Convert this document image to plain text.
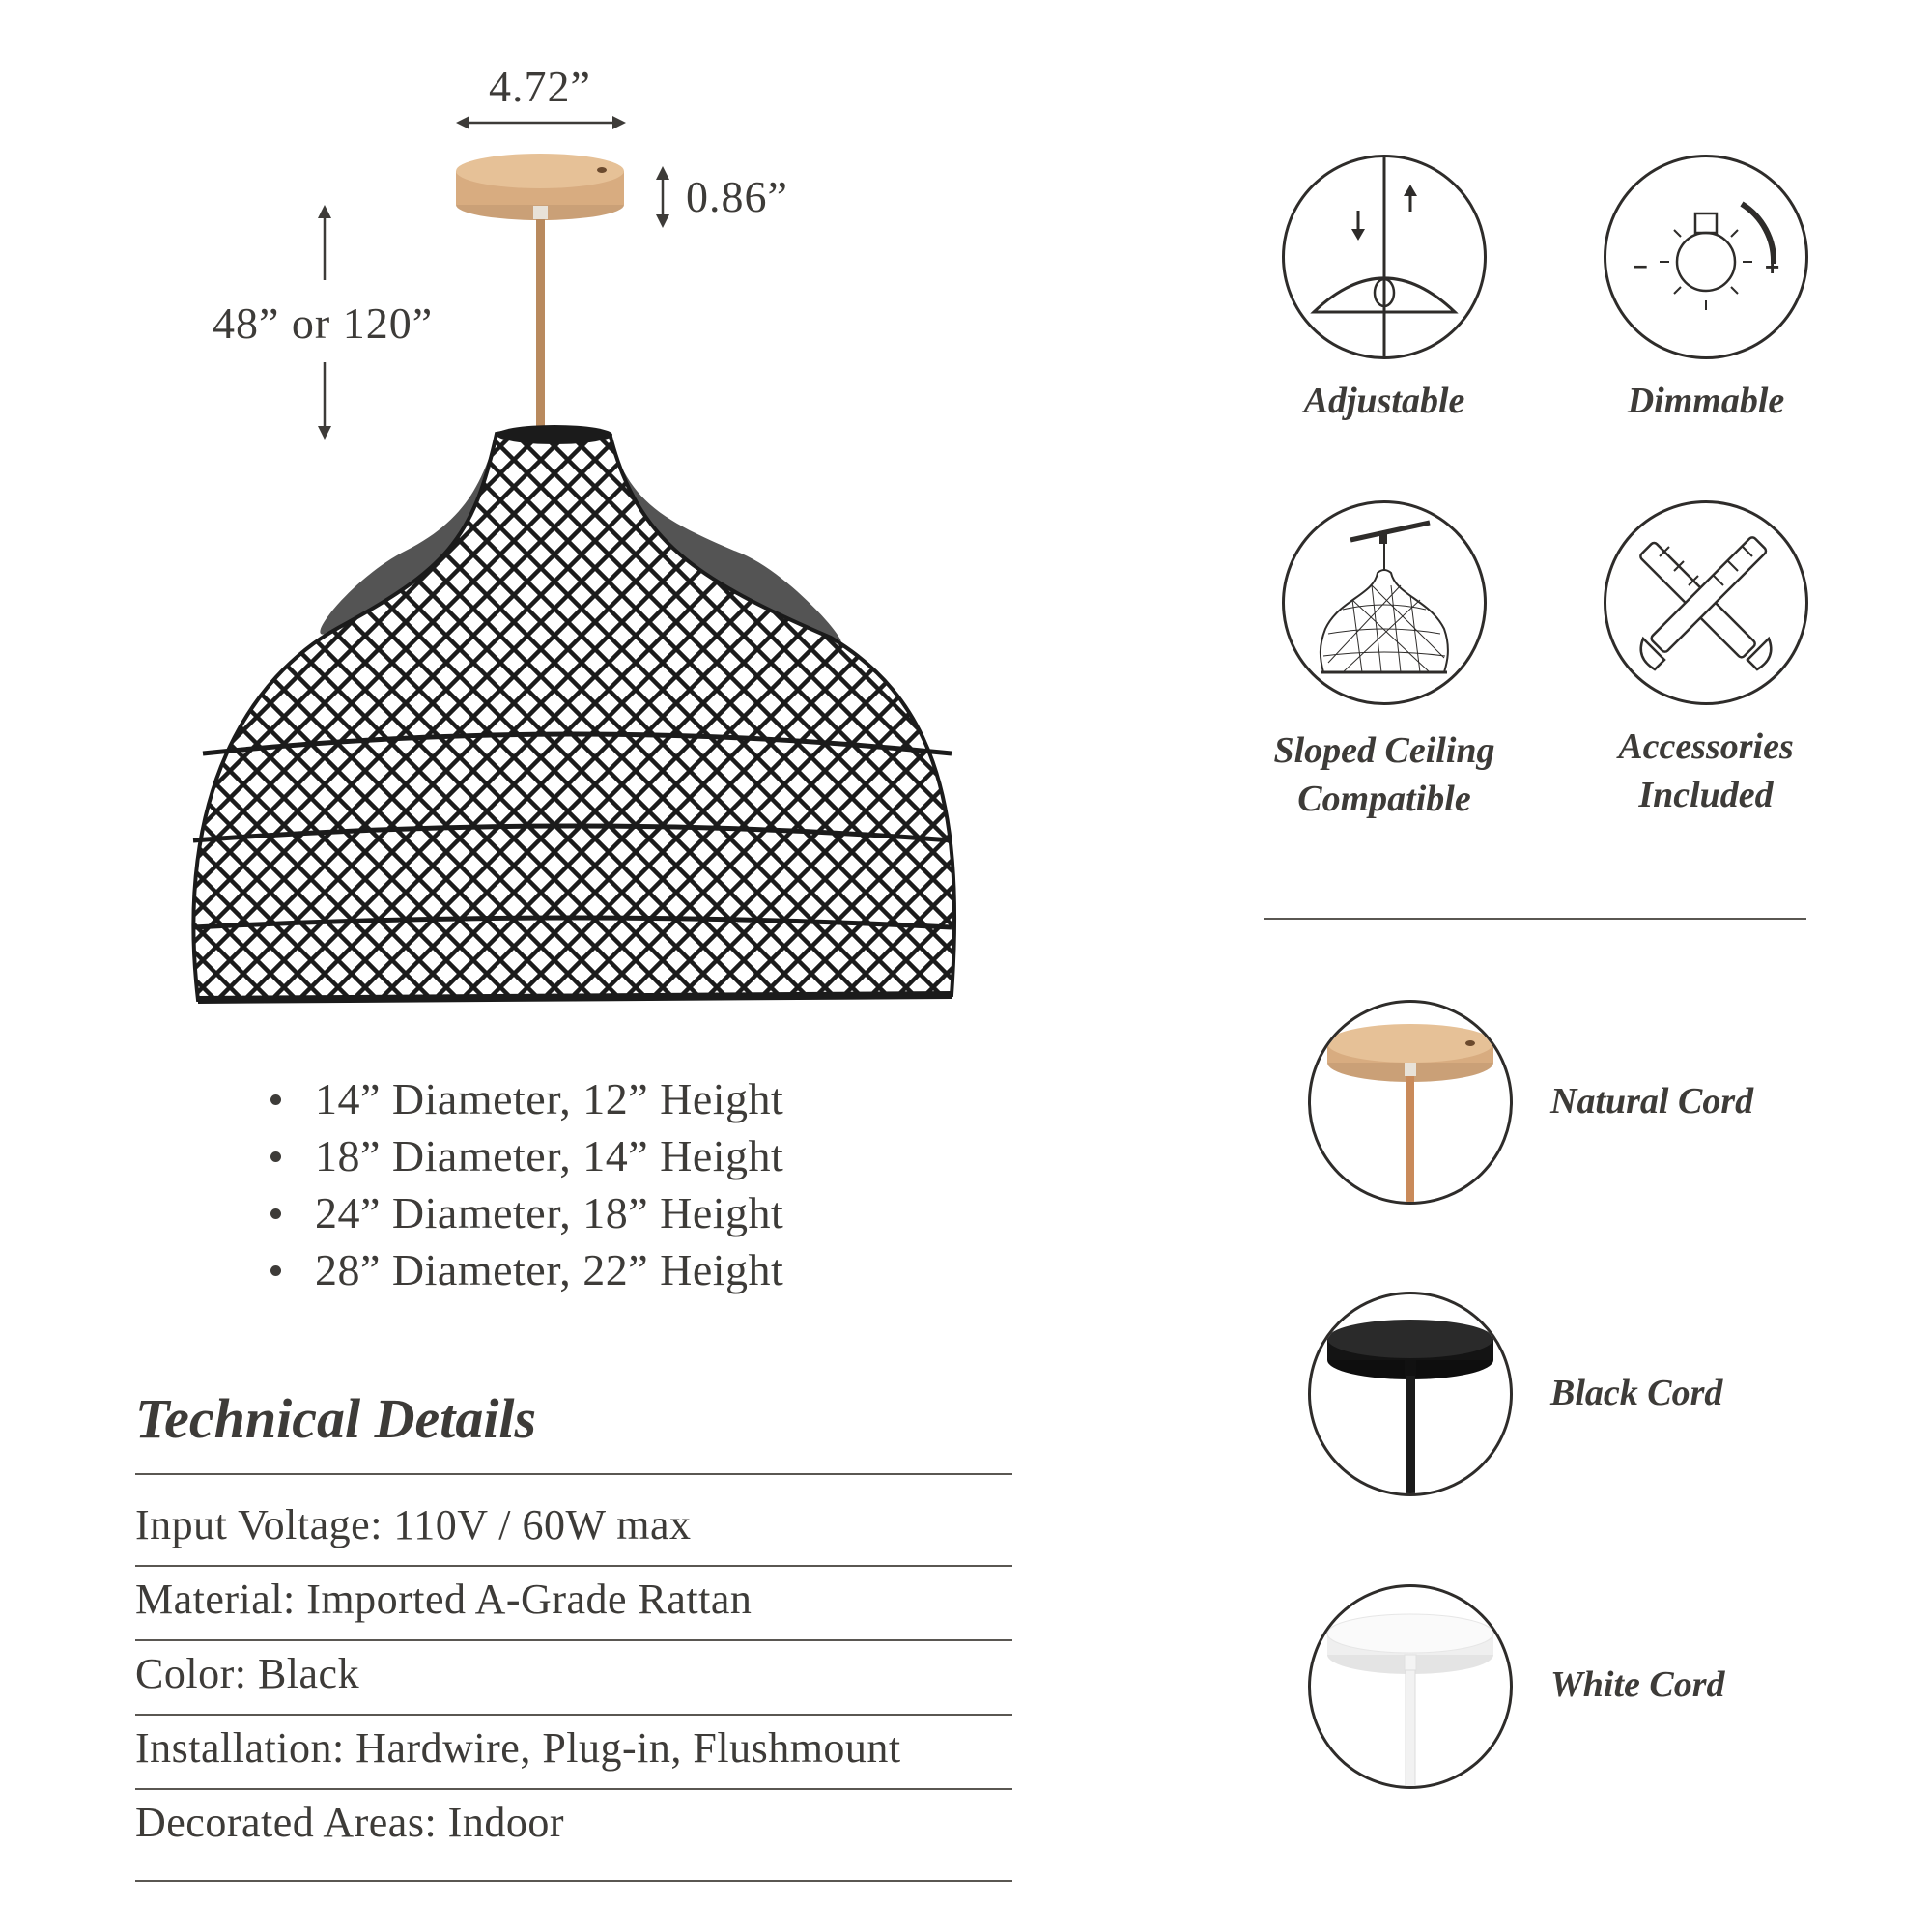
4.72”
0.86”
48” or 120”
14” Diameter, 12” Height
18” Diameter, 14” Height
24” Diameter, 18” Height
28” Diameter, 22” Height
Technical Details
Input Voltage: 110V / 60W max
Material: Imported A-Grade Rattan
Color: Black
Installation: Hardwire, Plug-in, Flushmount
Decorated Areas: Indoor
Adjustable
–	+
Dimmable
Sloped Ceiling
Compatible
Accessories
Included
Natural Cord
Black Cord
White Cord
